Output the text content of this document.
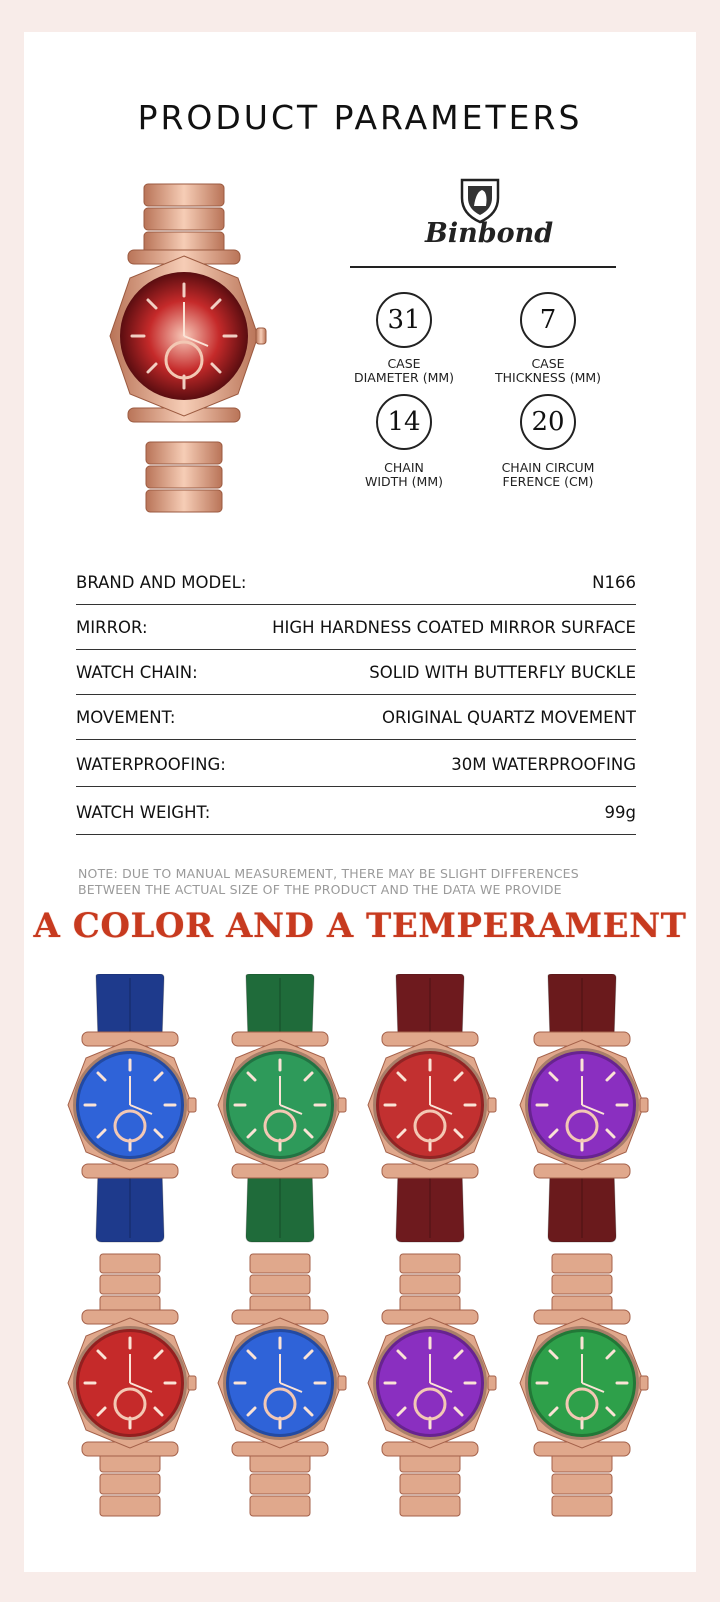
PRODUCT PARAMETERS
Binbond
31
CASE
DIAMETER (MM)
7
CASE
THICKNESS (MM)
14
CHAIN
WIDTH (MM)
20
CHAIN CIRCUM
FERENCE (CM)
BRAND AND MODEL:	N166
MIRROR:	HIGH HARDNESS COATED MIRROR SURFACE
WATCH CHAIN:	SOLID WITH BUTTERFLY BUCKLE
MOVEMENT:	ORIGINAL QUARTZ MOVEMENT
WATERPROOFING:	30M WATERPROOFING
WATCH WEIGHT:	99g
NOTE: DUE TO MANUAL MEASUREMENT, THERE MAY BE SLIGHT DIFFERENCES
BETWEEN THE ACTUAL SIZE OF THE PRODUCT AND THE DATA WE PROVIDE
A COLOR AND A TEMPERAMENT
